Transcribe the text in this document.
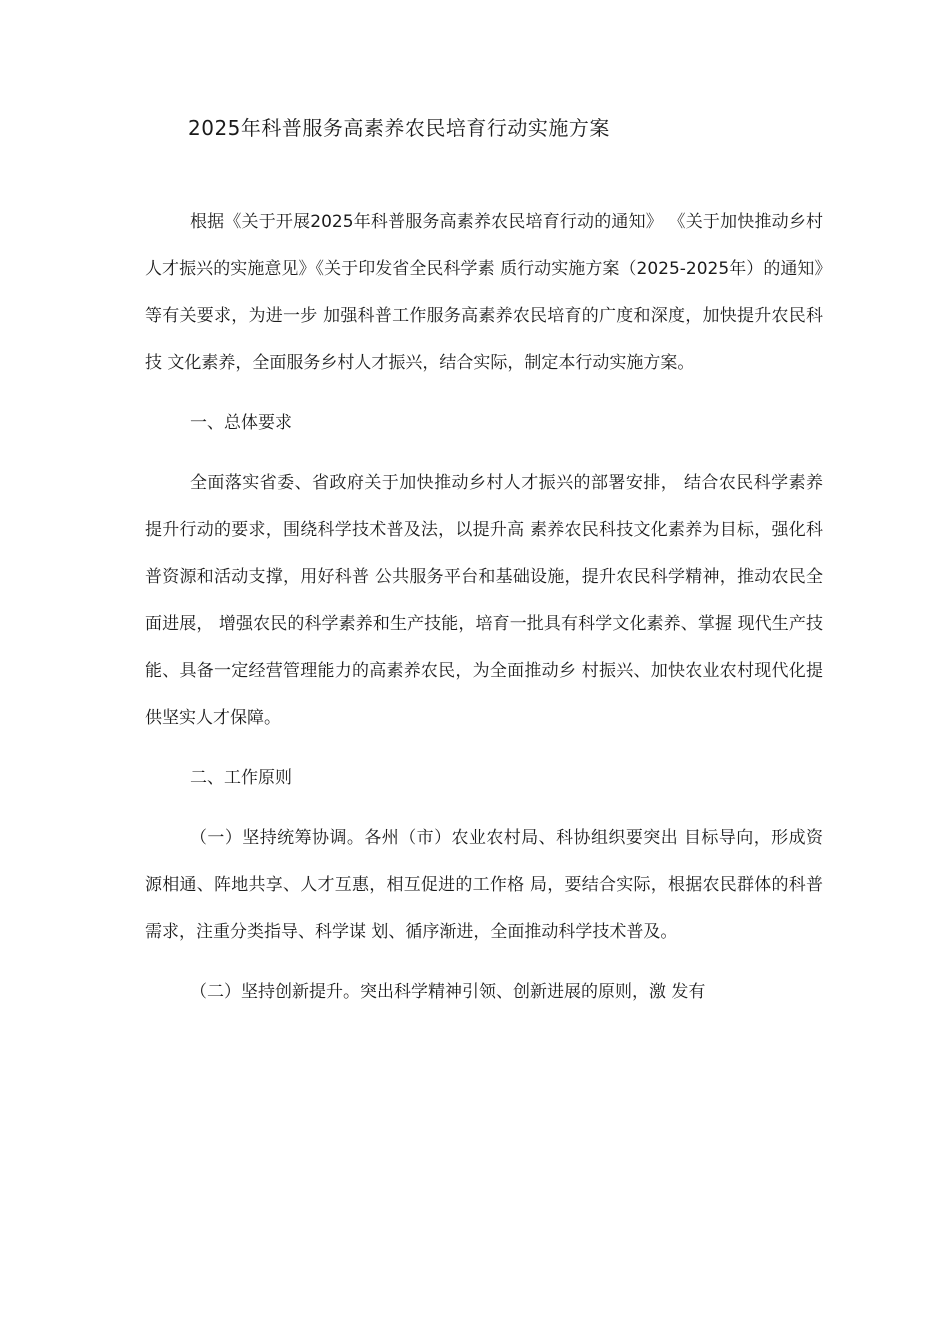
2025年科普服务高素养农民培育行动实施方案

根据《关于开展2025年科普服务高素养农民培育行动的通知》 《关于加快推动乡村人才振兴的实施意见》《关于印发省全民科学素 质行动实施方案（2025-2025年）的通知》等有关要求，为进一步 加强科普工作服务高素养农民培育的广度和深度，加快提升农民科技 文化素养，全面服务乡村人才振兴，结合实际，制定本行动实施方案。

一、总体要求

全面落实省委、省政府关于加快推动乡村人才振兴的部署安排， 结合农民科学素养提升行动的要求，围绕科学技术普及法，以提升高 素养农民科技文化素养为目标，强化科普资源和活动支撑，用好科普 公共服务平台和基础设施，提升农民科学精神，推动农民全面进展， 增强农民的科学素养和生产技能，培育一批具有科学文化素养、掌握 现代生产技能、具备一定经营管理能力的高素养农民，为全面推动乡 村振兴、加快农业农村现代化提供坚实人才保障。

二、工作原则

（一）坚持统筹协调。各州（市）农业农村局、科协组织要突出 目标导向，形成资源相通、阵地共享、人才互惠，相互促进的工作格 局，要结合实际，根据农民群体的科普需求，注重分类指导、科学谋 划、循序渐进，全面推动科学技术普及。

（二）坚持创新提升。突出科学精神引领、创新进展的原则，激 发有
